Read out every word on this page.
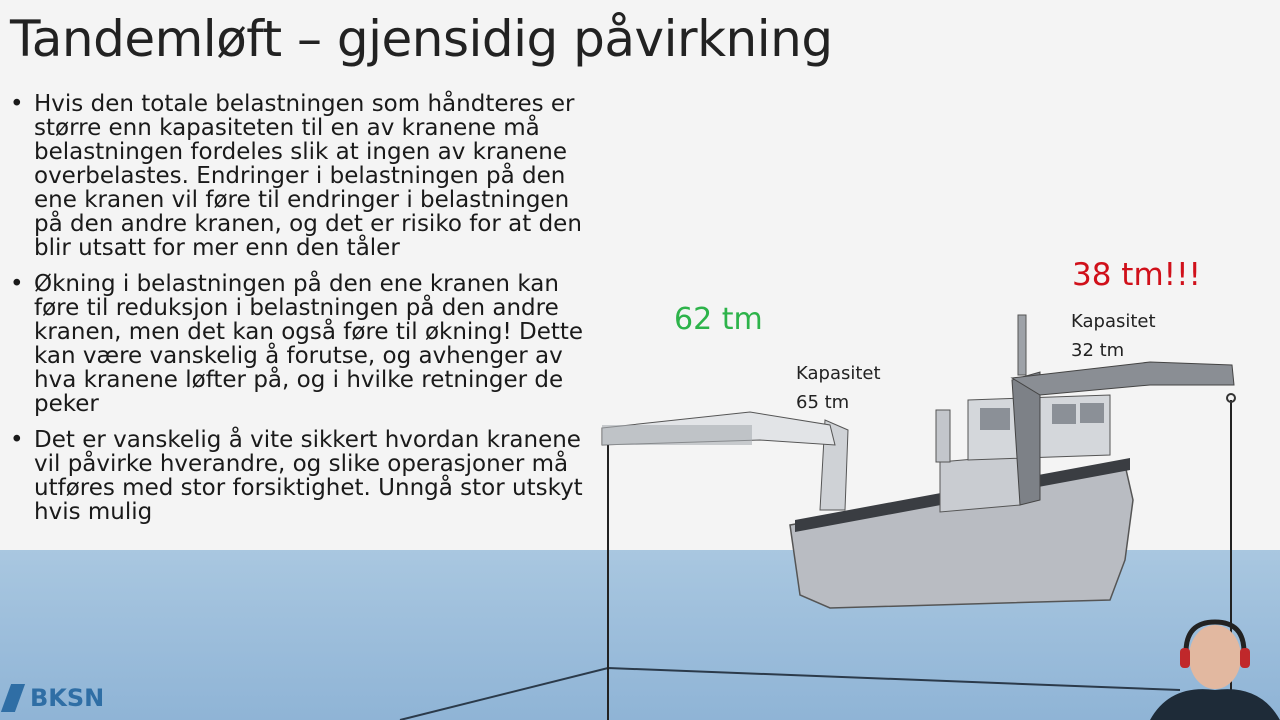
Tandemløft – gjensidig påvirkning
• Hvis den totale belastningen som håndteres er større enn kapasiteten til en av kranene må belastningen fordeles slik at ingen av kranene overbelastes. Endringer i belastningen på den ene kranen vil føre til endringer i belastningen på den andre kranen, og det er risiko for at den blir utsatt for mer enn den tåler
• Økning i belastningen på den ene kranen kan føre til reduksjon i belastningen på den andre kranen, men det kan også føre til økning! Dette kan være vanskelig å forutse, og avhenger av hva kranene løfter på, og i hvilke retninger de peker
• Det er vanskelig å vite sikkert hvordan kranene vil påvirke hverandre, og slike operasjoner må utføres med stor forsiktighet. Unngå stor utskyt hvis mulig
62 tm
Kapasitet
65 tm
38 tm!!!
Kapasitet
32 tm
BKSN
